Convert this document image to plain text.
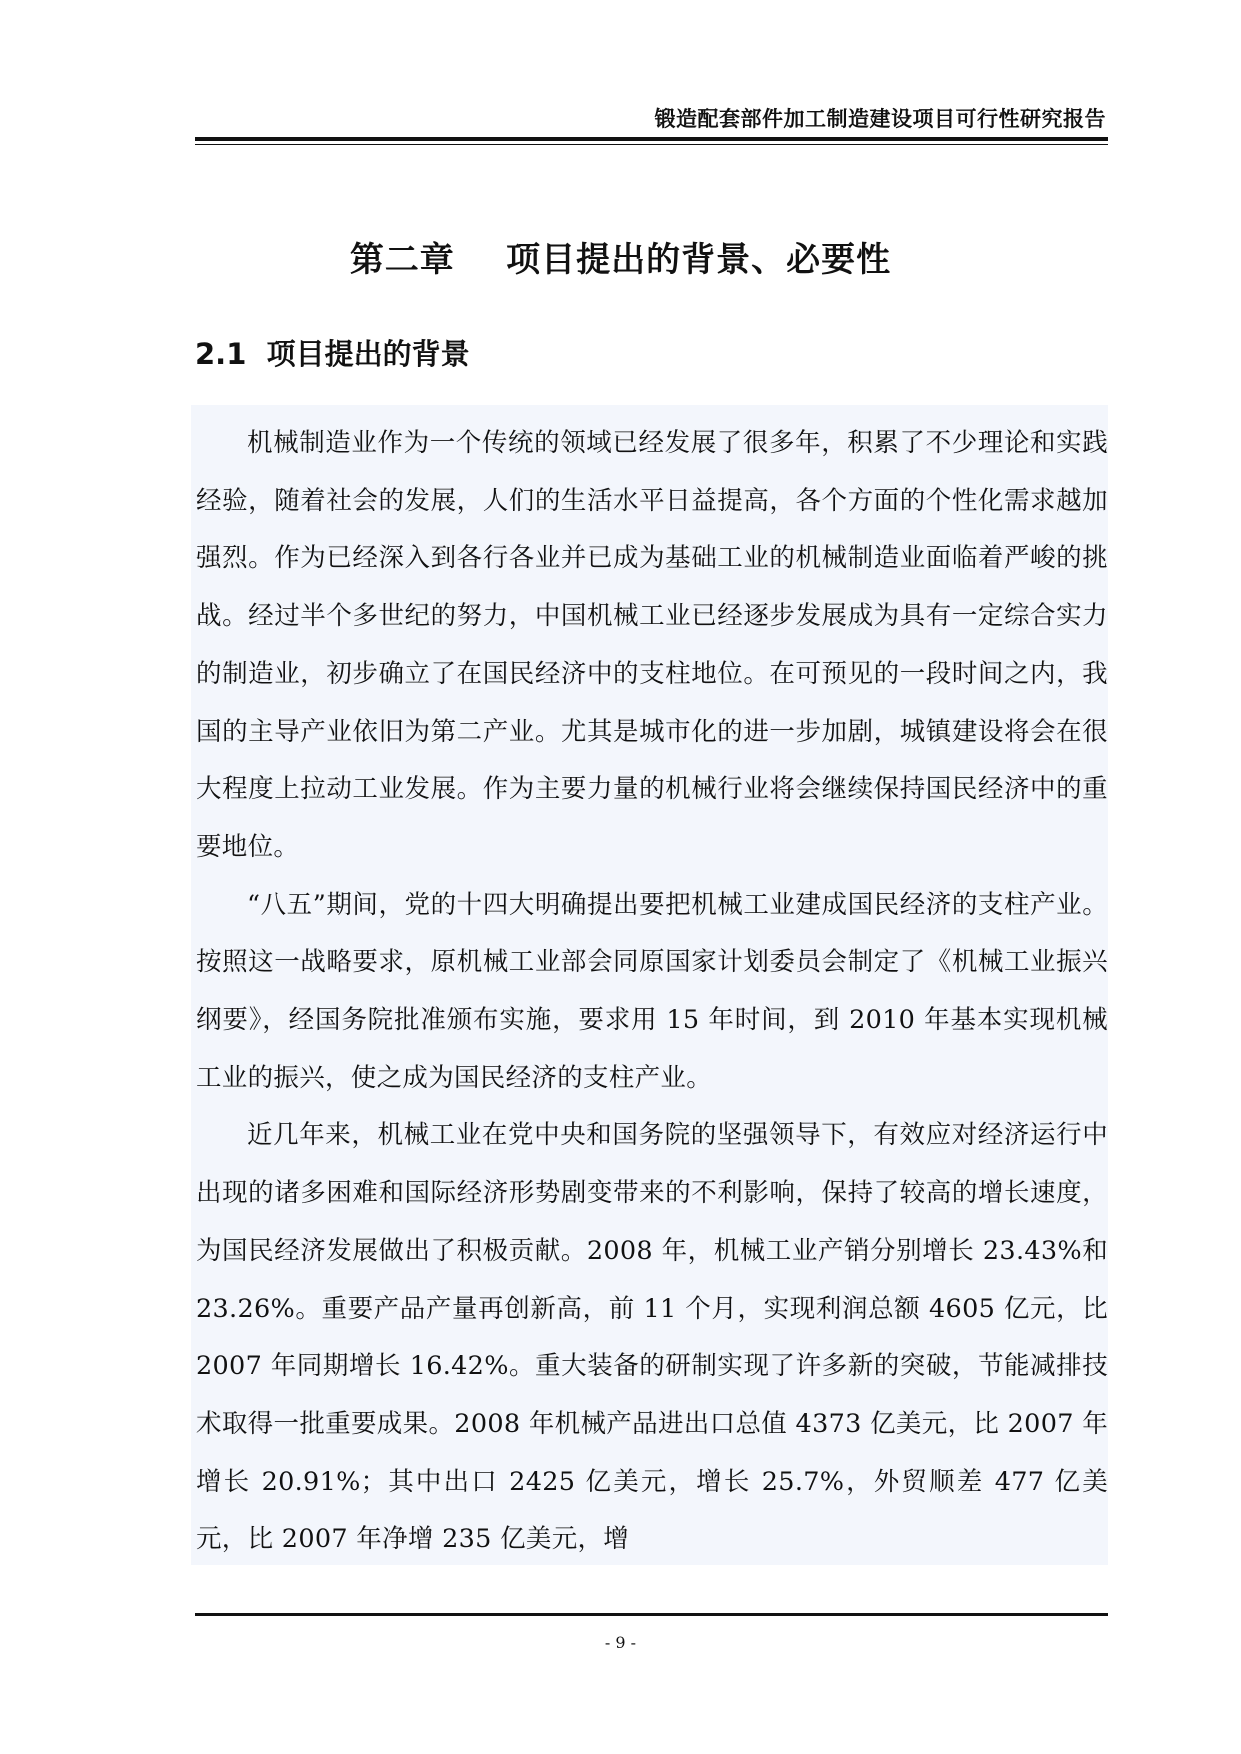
锻造配套部件加工制造建设项目可行性研究报告
第二章    项目提出的背景、必要性
2.1  项目提出的背景

机械制造业作为一个传统的领域已经发展了很多年，积累了不少理论和实践经验，随着社会的发展，人们的生活水平日益提高，各个方面的个性化需求越加强烈。作为已经深入到各行各业并已成为基础工业的机械制造业面临着严峻的挑战。经过半个多世纪的努力，中国机械工业已经逐步发展成为具有一定综合实力的制造业，初步确立了在国民经济中的支柱地位。在可预见的一段时间之内，我国的主导产业依旧为第二产业。尤其是城市化的进一步加剧，城镇建设将会在很大程度上拉动工业发展。作为主要力量的机械行业将会继续保持国民经济中的重要地位。

“八五”期间，党的十四大明确提出要把机械工业建成国民经济的支柱产业。按照这一战略要求，原机械工业部会同原国家计划委员会制定了《机械工业振兴纲要》，经国务院批准颁布实施，要求用 15 年时间，到 2010 年基本实现机械工业的振兴，使之成为国民经济的支柱产业。

近几年来，机械工业在党中央和国务院的坚强领导下，有效应对经济运行中出现的诸多困难和国际经济形势剧变带来的不利影响，保持了较高的增长速度，为国民经济发展做出了积极贡献。2008 年，机械工业产销分别增长 23.43%和 23.26%。重要产品产量再创新高，前 11 个月，实现利润总额 4605 亿元，比 2007 年同期增长 16.42%。重大装备的研制实现了许多新的突破，节能减排技术取得一批重要成果。2008 年机械产品进出口总值 4373 亿美元，比 2007 年增长 20.91%；其中出口 2425 亿美元，增长 25.7%，外贸顺差 477 亿美元，比 2007 年净增 235 亿美元，增

- 9 -
